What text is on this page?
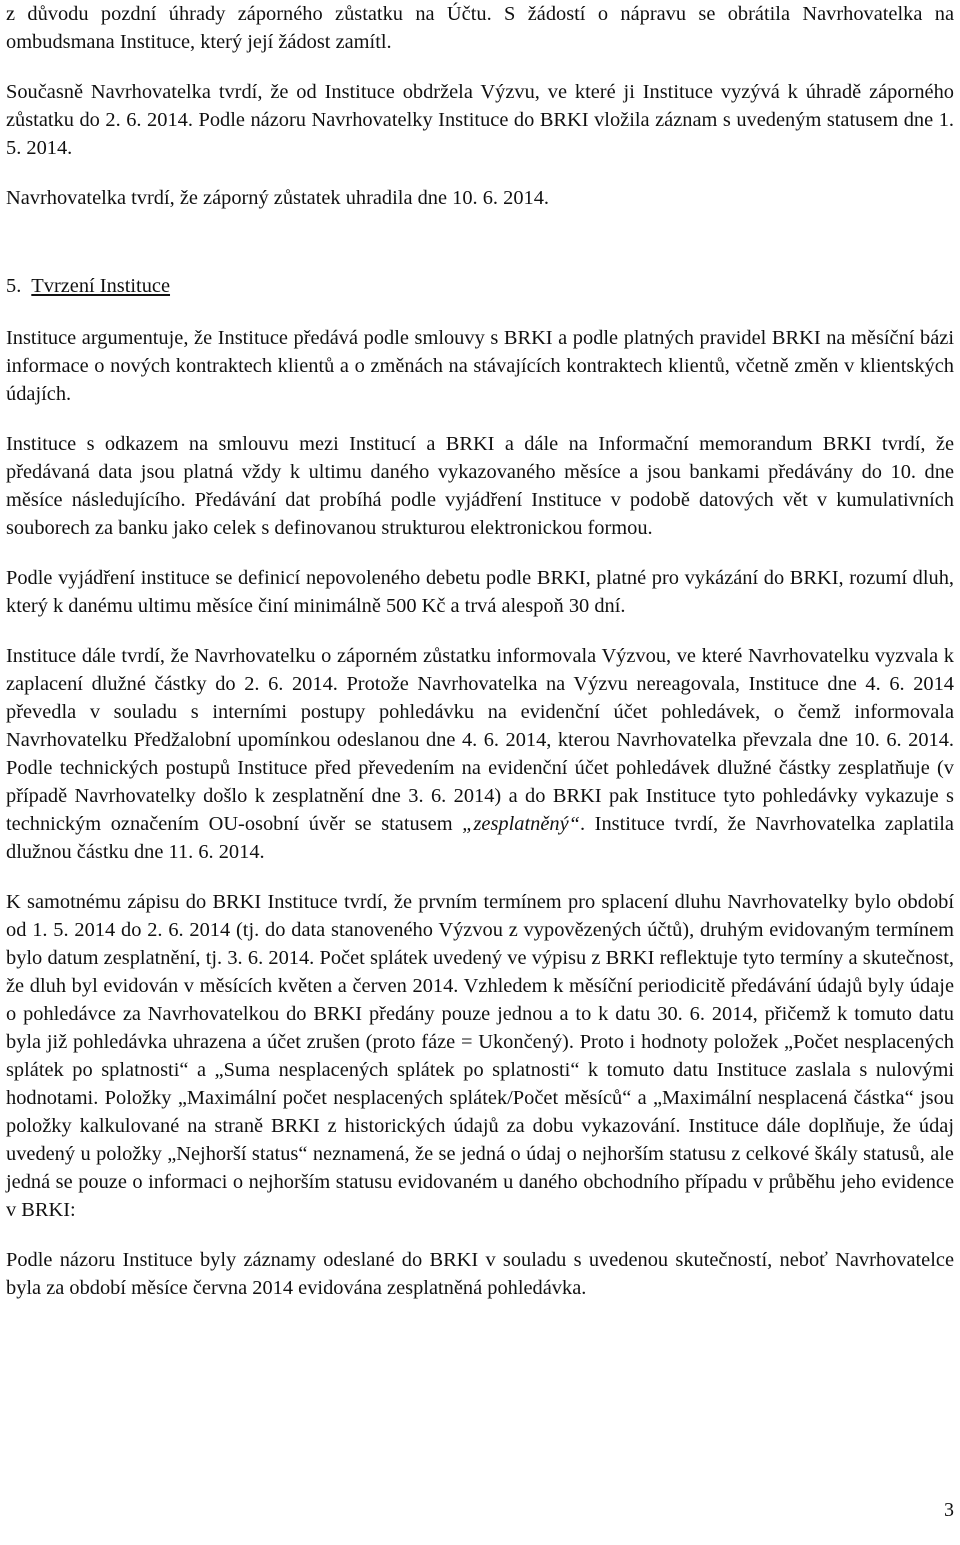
z důvodu pozdní úhrady záporného zůstatku na Účtu. S žádostí o nápravu se obrátila Navrhovatelka na ombudsmana Instituce, který její žádost zamítl.

Současně Navrhovatelka tvrdí, že od Instituce obdržela Výzvu, ve které ji Instituce vyzývá k úhradě záporného zůstatku do 2. 6. 2014. Podle názoru Navrhovatelky Instituce do BRKI vložila záznam s uvedeným statusem dne 1. 5. 2014.

Navrhovatelka tvrdí, že záporný zůstatek uhradila dne 10. 6. 2014.

5. Tvrzení Instituce

Instituce argumentuje, že Instituce předává podle smlouvy s BRKI a podle platných pravidel BRKI na měsíční bázi informace o nových kontraktech klientů a o změnách na stávajících kontraktech klientů, včetně změn v klientských údajích.

Instituce s odkazem na smlouvu mezi Institucí a BRKI a dále na Informační memorandum BRKI tvrdí, že předávaná data jsou platná vždy k ultimu daného vykazovaného měsíce a jsou bankami předávány do 10. dne měsíce následujícího. Předávání dat probíhá podle vyjádření Instituce v podobě datových vět v kumulativních souborech za banku jako celek s definovanou strukturou elektronickou formou.

Podle vyjádření instituce se definicí nepovoleného debetu podle BRKI, platné pro vykázání do BRKI, rozumí dluh, který k danému ultimu měsíce činí minimálně 500 Kč a trvá alespoň 30 dní.

Instituce dále tvrdí, že Navrhovatelku o záporném zůstatku informovala Výzvou, ve které Navrhovatelku vyzvala k zaplacení dlužné částky do 2. 6. 2014. Protože Navrhovatelka na Výzvu nereagovala, Instituce dne 4. 6. 2014 převedla v souladu s interními postupy pohledávku na evidenční účet pohledávek, o čemž informovala Navrhovatelku Předžalobní upomínkou odeslanou dne 4. 6. 2014, kterou Navrhovatelka převzala dne 10. 6. 2014. Podle technických postupů Instituce před převedením na evidenční účet pohledávek dlužné částky zesplatňuje (v případě Navrhovatelky došlo k zesplatnění dne 3. 6. 2014) a do BRKI pak Instituce tyto pohledávky vykazuje s technickým označením OU-osobní úvěr se statusem „zesplatněný“. Instituce tvrdí, že Navrhovatelka zaplatila dlužnou částku dne 11. 6. 2014.

K samotnému zápisu do BRKI Instituce tvrdí, že prvním termínem pro splacení dluhu Navrhovatelky bylo období od 1. 5. 2014 do 2. 6. 2014 (tj. do data stanoveného Výzvou z vypovězených účtů), druhým evidovaným termínem bylo datum zesplatnění, tj. 3. 6. 2014. Počet splátek uvedený ve výpisu z BRKI reflektuje tyto termíny a skutečnost, že dluh byl evidován v měsících květen a červen 2014. Vzhledem k měsíční periodicitě předávání údajů byly údaje o pohledávce za Navrhovatelkou do BRKI předány pouze jednou a to k datu 30. 6. 2014, přičemž k tomuto datu byla již pohledávka uhrazena a účet zrušen (proto fáze = Ukončený). Proto i hodnoty položek „Počet nesplacených splátek po splatnosti“ a „Suma nesplacených splátek po splatnosti“ k tomuto datu Instituce zaslala s nulovými hodnotami. Položky „Maximální počet nesplacených splátek/Počet měsíců“ a „Maximální nesplacená částka“ jsou položky kalkulované na straně BRKI z historických údajů za dobu vykazování. Instituce dále doplňuje, že údaj uvedený u položky „Nejhorší status“ neznamená, že se jedná o údaj o nejhorším statusu z celkové škály statusů, ale jedná se pouze o informaci o nejhorším statusu evidovaném u daného obchodního případu v průběhu jeho evidence v BRKI:

Podle názoru Instituce byly záznamy odeslané do BRKI v souladu s uvedenou skutečností, neboť Navrhovatelce byla za období měsíce června 2014 evidována zesplatněná pohledávka.

3
